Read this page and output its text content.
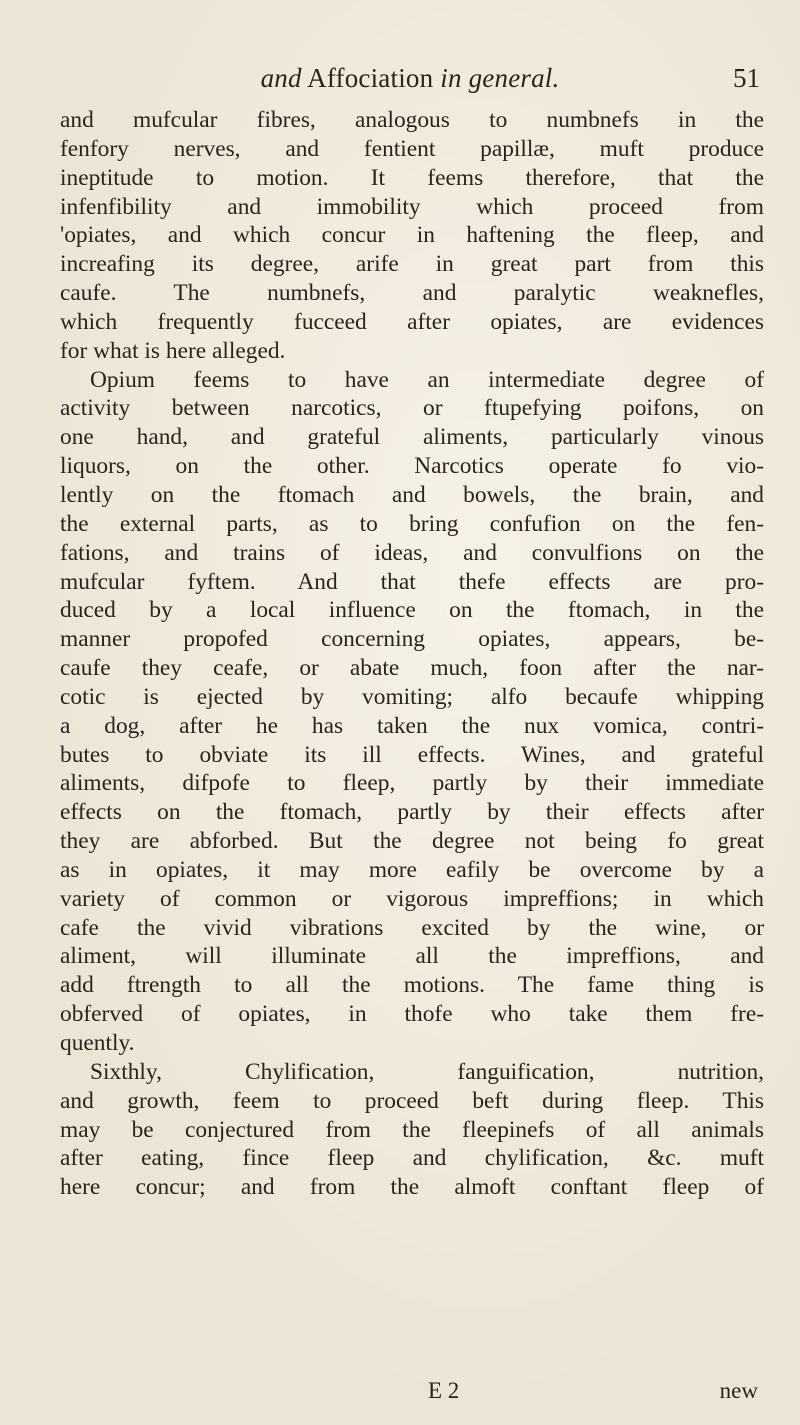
and Affociation in general.	51
and mufcular fibres, analogous to numbnefs in the
fenfory nerves, and fentient papillæ, muft produce
ineptitude to motion. It feems therefore, that the
infenfibility and immobility which proceed from
'opiates, and which concur in haftening the fleep, and
increafing its degree, arife in great part from this
caufe. The numbnefs, and paralytic weaknefles,
which frequently fucceed after opiates, are evidences
for what is here alleged.
Opium feems to have an intermediate degree of
activity between narcotics, or ftupefying poifons, on
one hand, and grateful aliments, particularly vinous
liquors, on the other. Narcotics operate fo vio-
lently on the ftomach and bowels, the brain, and
the external parts, as to bring confufion on the fen-
fations, and trains of ideas, and convulfions on the
mufcular fyftem. And that thefe effects are pro-
duced by a local influence on the ftomach, in the
manner propofed concerning opiates, appears, be-
caufe they ceafe, or abate much, foon after the nar-
cotic is ejected by vomiting; alfo becaufe whipping
a dog, after he has taken the nux vomica, contri-
butes to obviate its ill effects. Wines, and grateful
aliments, difpofe to fleep, partly by their immediate
effects on the ftomach, partly by their effects after
they are abforbed. But the degree not being fo great
as in opiates, it may more eafily be overcome by a
variety of common or vigorous impreffions; in which
cafe the vivid vibrations excited by the wine, or
aliment, will illuminate all the impreffions, and
add ftrength to all the motions. The fame thing is
obferved of opiates, in thofe who take them fre-
quently.
Sixthly, Chylification, fanguification, nutrition,
and growth, feem to proceed beft during fleep. This
may be conjectured from the fleepinefs of all animals
after eating, fince fleep and chylification, &c. muft
here concur; and from the almoft conftant fleep of
E 2	new
